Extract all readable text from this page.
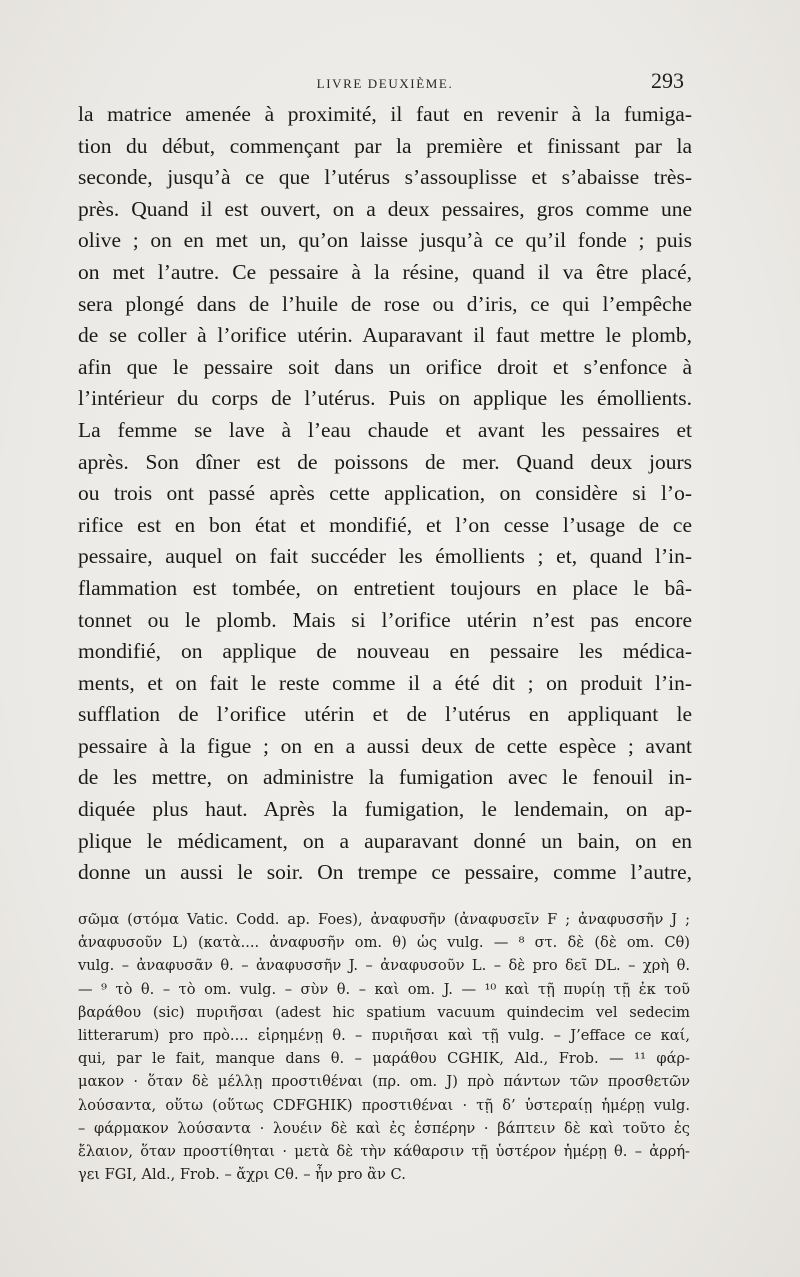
LIVRE DEUXIÈME.	293
la matrice amenée à proximité, il faut en revenir à la fumiga-
tion du début, commençant par la première et finissant par la
seconde, jusqu’à ce que l’utérus s’assouplisse et s’abaisse très-
près. Quand il est ouvert, on a deux pessaires, gros comme une
olive ; on en met un, qu’on laisse jusqu’à ce qu’il fonde ; puis
on met l’autre. Ce pessaire à la résine, quand il va être placé,
sera plongé dans de l’huile de rose ou d’iris, ce qui l’empêche
de se coller à l’orifice utérin. Auparavant il faut mettre le plomb,
afin que le pessaire soit dans un orifice droit et s’enfonce à
l’intérieur du corps de l’utérus. Puis on applique les émollients.
La femme se lave à l’eau chaude et avant les pessaires et
après. Son dîner est de poissons de mer. Quand deux jours
ou trois ont passé après cette application, on considère si l’o-
rifice est en bon état et mondifié, et l’on cesse l’usage de ce
pessaire, auquel on fait succéder les émollients ; et, quand l’in-
flammation est tombée, on entretient toujours en place le bâ-
tonnet ou le plomb. Mais si l’orifice utérin n’est pas encore
mondifié, on applique de nouveau en pessaire les médica-
ments, et on fait le reste comme il a été dit ; on produit l’in-
sufflation de l’orifice utérin et de l’utérus en appliquant le
pessaire à la figue ; on en a aussi deux de cette espèce ; avant
de les mettre, on administre la fumigation avec le fenouil in-
diquée plus haut. Après la fumigation, le lendemain, on ap-
plique le médicament, on a auparavant donné un bain, on en
donne un aussi le soir. On trempe ce pessaire, comme l’autre,
σῶμα (στόμα Vatic. Codd. ap. Foes), ἀναφυσῆν (ἀναφυσεῖν F ; ἀναφυσσῆν J ;
ἀναφυσοῦν L) (κατὰ.... ἀναφυσῆν om. θ) ὡς vulg. — ⁸ στ. δὲ (δὲ om. Cθ)
vulg. – ἀναφυσᾶν θ. – ἀναφυσσῆν J. – ἀναφυσοῦν L. – δὲ pro δεῖ DL. – χρὴ θ.
— ⁹ τὸ θ. – τὸ om. vulg. – σὺν θ. – καὶ om. J. — ¹⁰ καὶ τῇ πυρίῃ τῇ ἐκ τοῦ
βαράθου (sic) πυριῆσαι (adest hic spatium vacuum quindecim vel sedecim
litterarum) pro πρὸ.... εἰρημένῃ θ. – πυριῆσαι καὶ τῇ vulg. – J’efface ce καί,
qui, par le fait, manque dans θ. – μαράθου CGHIK, Ald., Frob. — ¹¹ φάρ-
μακον · ὅταν δὲ μέλλῃ προστιθέναι (πρ. om. J) πρὸ πάντων τῶν προσθετῶν
λούσαντα, οὕτω (οὕτως CDFGHIK) προστιθέναι · τῇ δ’ ὑστεραίῃ ἡμέρῃ vulg.
– φάρμακον λούσαντα · λουέιν δὲ καὶ ἐς ἑσπέρην · βάπτειν δὲ καὶ τοῦτο ἐς
ἔλαιον, ὅταν προστίθηται · μετὰ δὲ τὴν κάθαρσιν τῇ ὑστέρον ἡμέρῃ θ. – ἀρρή-
γει FGI, Ald., Frob. – ἄχρι Cθ. – ἦν pro ἂν C.
